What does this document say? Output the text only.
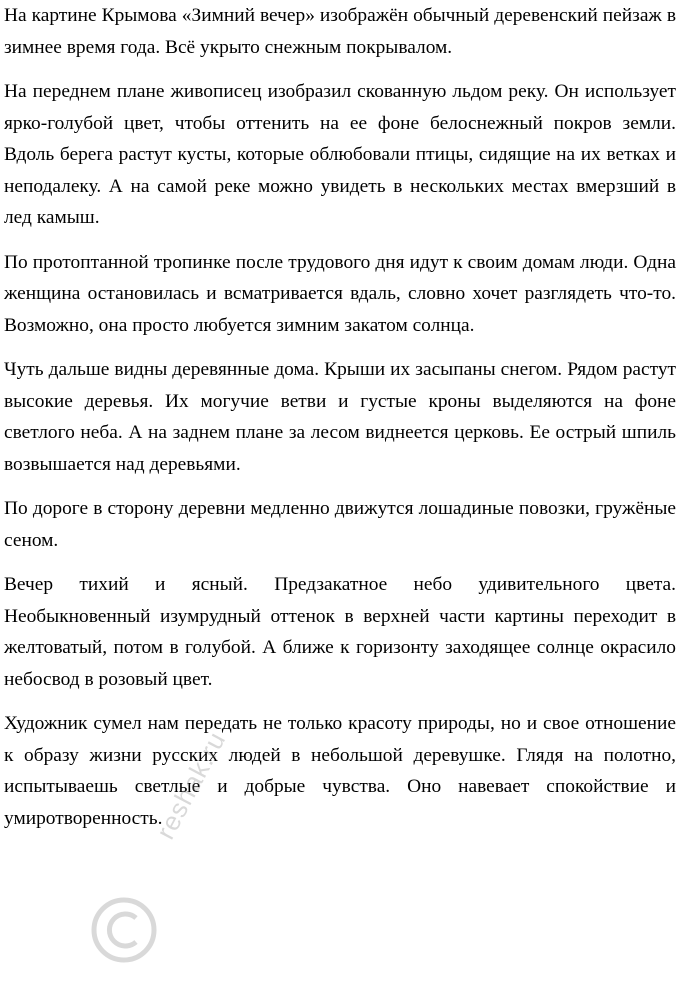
На картине Крымова «Зимний вечер» изображён обычный деревенский пейзаж в зимнее время года. Всё укрыто снежным покрывалом.

На переднем плане живописец изобразил скованную льдом реку. Он использует ярко-голубой цвет, чтобы оттенить на ее фоне белоснежный покров земли. Вдоль берега растут кусты, которые облюбовали птицы, сидящие на их ветках и неподалеку. А на самой реке можно увидеть в нескольких местах вмерзший в лед камыш.

По протоптанной тропинке после трудового дня идут к своим домам люди. Одна женщина остановилась и всматривается вдаль, словно хочет разглядеть что-то. Возможно, она просто любуется зимним закатом солнца.

Чуть дальше видны деревянные дома. Крыши их засыпаны снегом. Рядом растут высокие деревья. Их могучие ветви и густые кроны выделяются на фоне светлого неба. А на заднем плане за лесом виднеется церковь. Ее острый шпиль возвышается над деревьями.

По дороге в сторону деревни медленно движутся лошадиные повозки, гружёные сеном.

Вечер тихий и ясный. Предзакатное небо удивительного цвета. Необыкновенный изумрудный оттенок в верхней части картины переходит в желтоватый, потом в голубой. А ближе к горизонту заходящее солнце окрасило небосвод в розовый цвет.

Художник сумел нам передать не только красоту природы, но и свое отношение к образу жизни русских людей в небольшой деревушке. Глядя на полотно, испытываешь светлые и добрые чувства. Оно навевает спокойствие и умиротворенность.

reshak.ru
